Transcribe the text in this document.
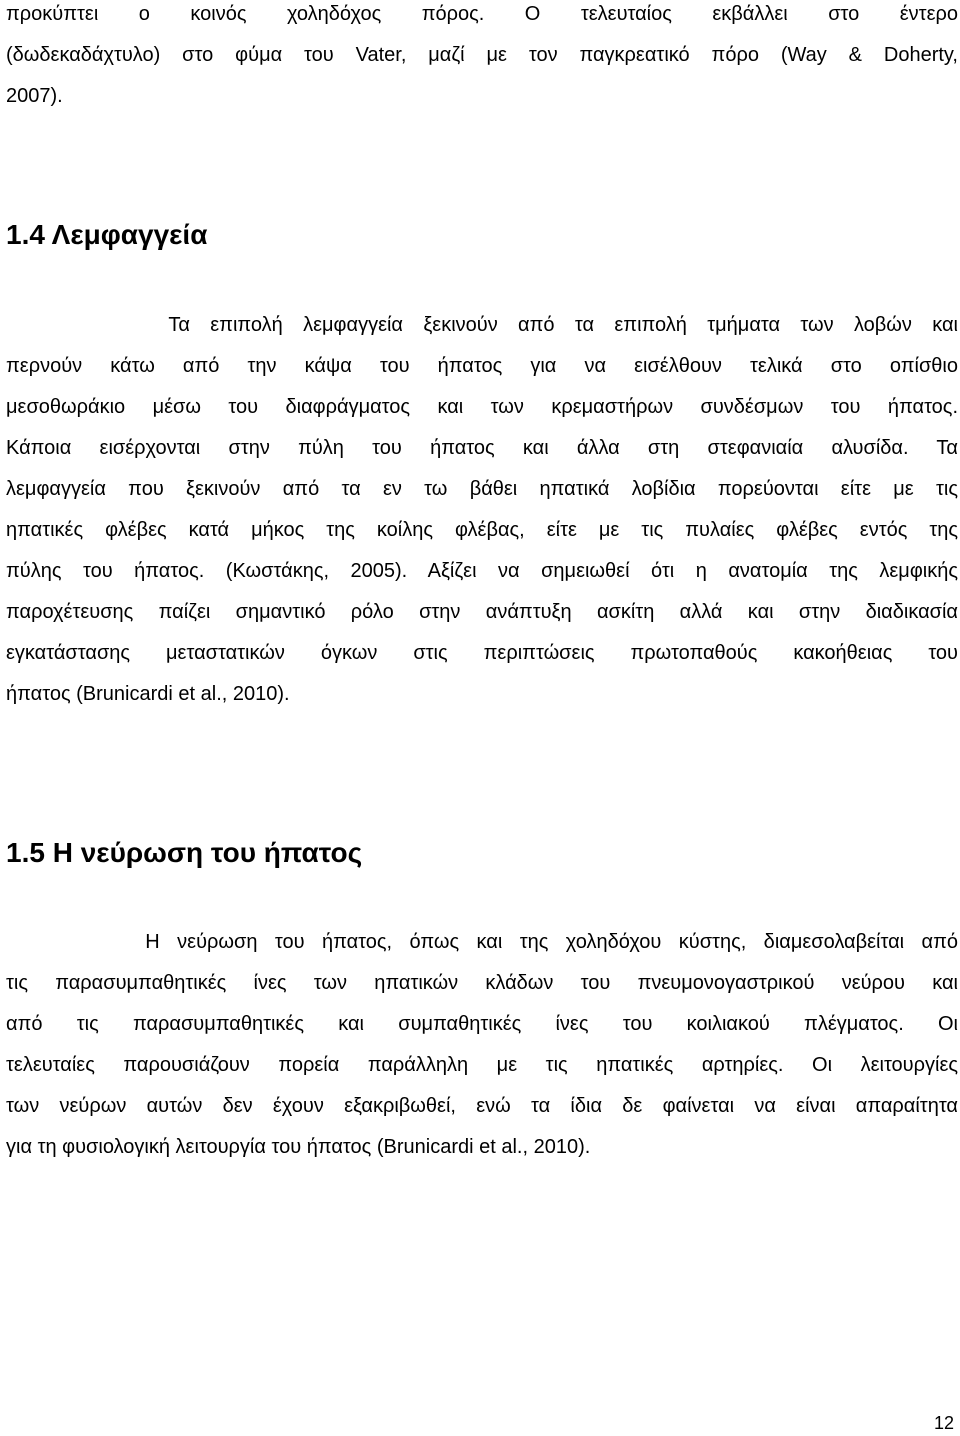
προκύπτει ο κοινός χοληδόχος πόρος. Ο τελευταίος εκβάλλει στο έντερο
(δωδεκαδάχτυλο) στο φύμα του Vater, μαζί με τον παγκρεατικό πόρο (Way & Doherty,
2007).
1.4 Λεμφαγγεία
Τα επιπολή λεμφαγγεία ξεκινούν από τα επιπολή τμήματα των λοβών και
περνούν κάτω από την κάψα του ήπατος για να εισέλθουν τελικά στο οπίσθιο
μεσοθωράκιο μέσω του διαφράγματος και των κρεμαστήρων συνδέσμων του ήπατος.
Κάποια εισέρχονται στην πύλη του ήπατος και άλλα στη στεφανιαία αλυσίδα. Τα
λεμφαγγεία που ξεκινούν από τα εν τω βάθει ηπατικά λοβίδια πορεύονται είτε με τις
ηπατικές φλέβες κατά μήκος της κοίλης φλέβας, είτε με τις πυλαίες φλέβες εντός της
πύλης του ήπατος. (Κωστάκης, 2005). Αξίζει να σημειωθεί ότι η ανατομία της λεμφικής
παροχέτευσης παίζει σημαντικό ρόλο στην ανάπτυξη ασκίτη αλλά και στην διαδικασία
εγκατάστασης μεταστατικών όγκων στις περιπτώσεις πρωτοπαθούς κακοήθειας του
ήπατος (Brunicardi et al., 2010).
1.5 Η νεύρωση του ήπατος
Η νεύρωση του ήπατος, όπως και της χοληδόχου κύστης, διαμεσολαβείται από
τις παρασυμπαθητικές ίνες των ηπατικών κλάδων του πνευμονογαστρικού νεύρου και
από τις παρασυμπαθητικές και συμπαθητικές ίνες του κοιλιακού πλέγματος. Οι
τελευταίες παρουσιάζουν πορεία παράλληλη με τις ηπατικές αρτηρίες. Οι λειτουργίες
των νεύρων αυτών δεν έχουν εξακριβωθεί, ενώ τα ίδια δε φαίνεται να είναι απαραίτητα
για τη φυσιολογική λειτουργία του ήπατος (Brunicardi et al., 2010).
12
